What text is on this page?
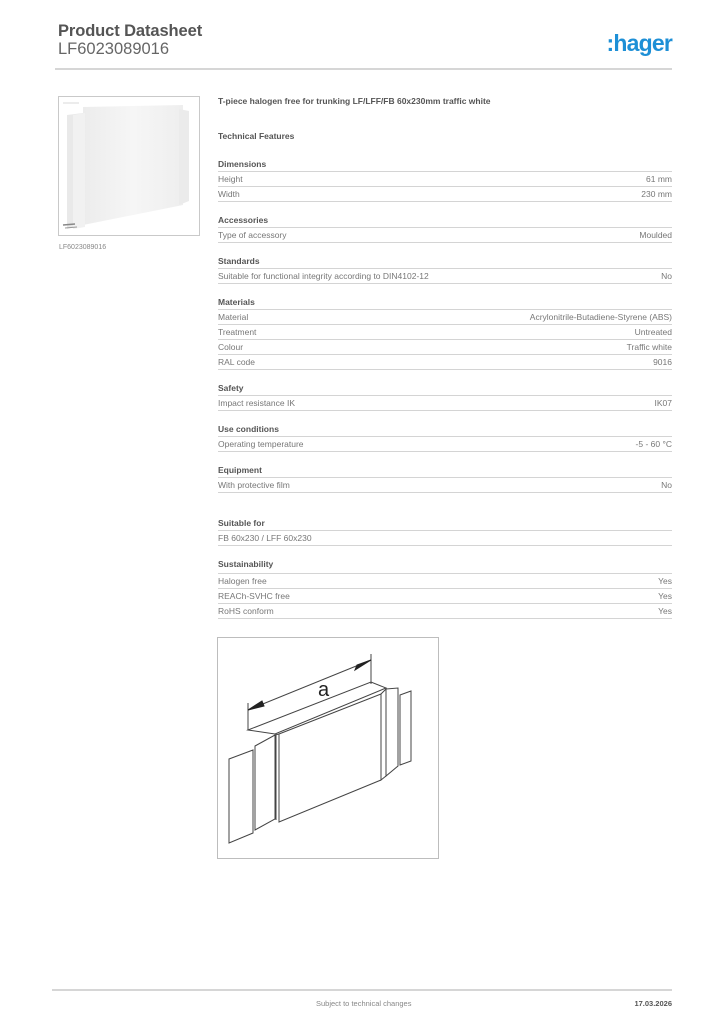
Product Datasheet
LF6023089016	:hager
LF6023089016
T-piece halogen free for trunking LF/LFF/FB 60x230mm traffic white
Technical Features
Dimensions
Height	61 mm
Width	230 mm
Accessories
Type of accessory	Moulded
Standards
Suitable for functional integrity according to DIN4102-12	No
Materials
Material	Acrylonitrile-Butadiene-Styrene (ABS)
Treatment	Untreated
Colour	Traffic white
RAL code	9016
Safety
Impact resistance IK	IK07
Use conditions
Operating temperature	-5 - 60 °C
Equipment
With protective film	No
Suitable for
FB 60x230 / LFF 60x230
Sustainability
Halogen free	Yes
REACh-SVHC free	Yes
RoHS conform	Yes
a
Subject to technical changes	17.03.2026
